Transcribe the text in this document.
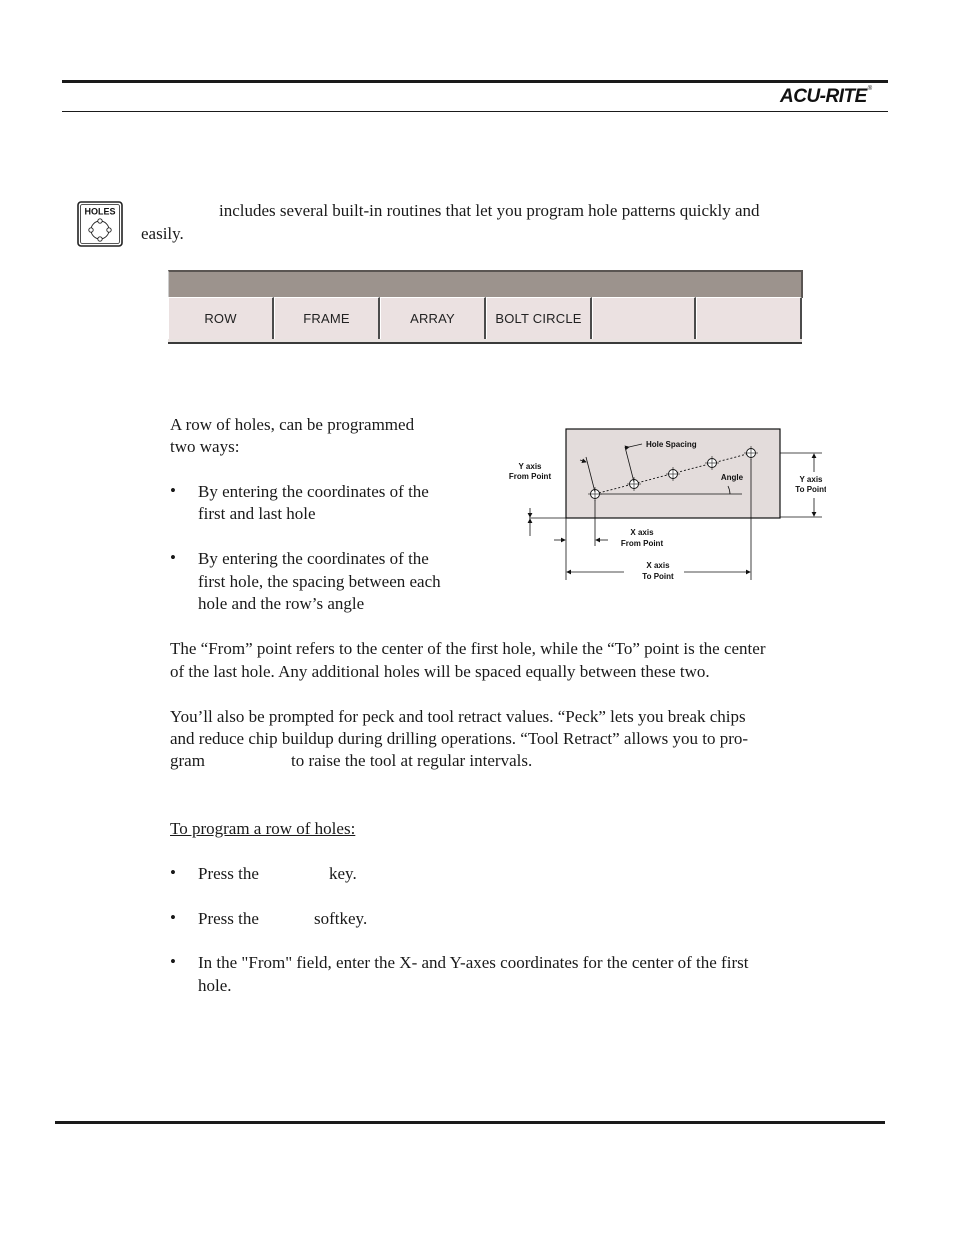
ACU-RITE®
HOLES	includes several built-in routines that let you program hole patterns quickly and
easily.
ROW	FRAME	ARRAY	BOLT CIRCLE
A row of holes, can be programmed
two ways:
• By entering the coordinates of the
first and last hole
• By entering the coordinates of the
first hole, the spacing between each
hole and the row’s angle
Hole Spacing
Y axis
From Point	Angle	Y axis
To Point
X axis
From Point
X axis
To Point
The “From” point refers to the center of the first hole, while the “To” point is the center
of the last hole. Any additional holes will be spaced equally between these two.
You’ll also be prompted for peck and tool retract values. “Peck” lets you break chips
and reduce chip buildup during drilling operations. “Tool Retract” allows you to pro-
gram	to raise the tool at regular intervals.
To program a row of holes:
• Press the	key.
• Press the	softkey.
• In the "From" field, enter the X- and Y-axes coordinates for the center of the first
hole.
